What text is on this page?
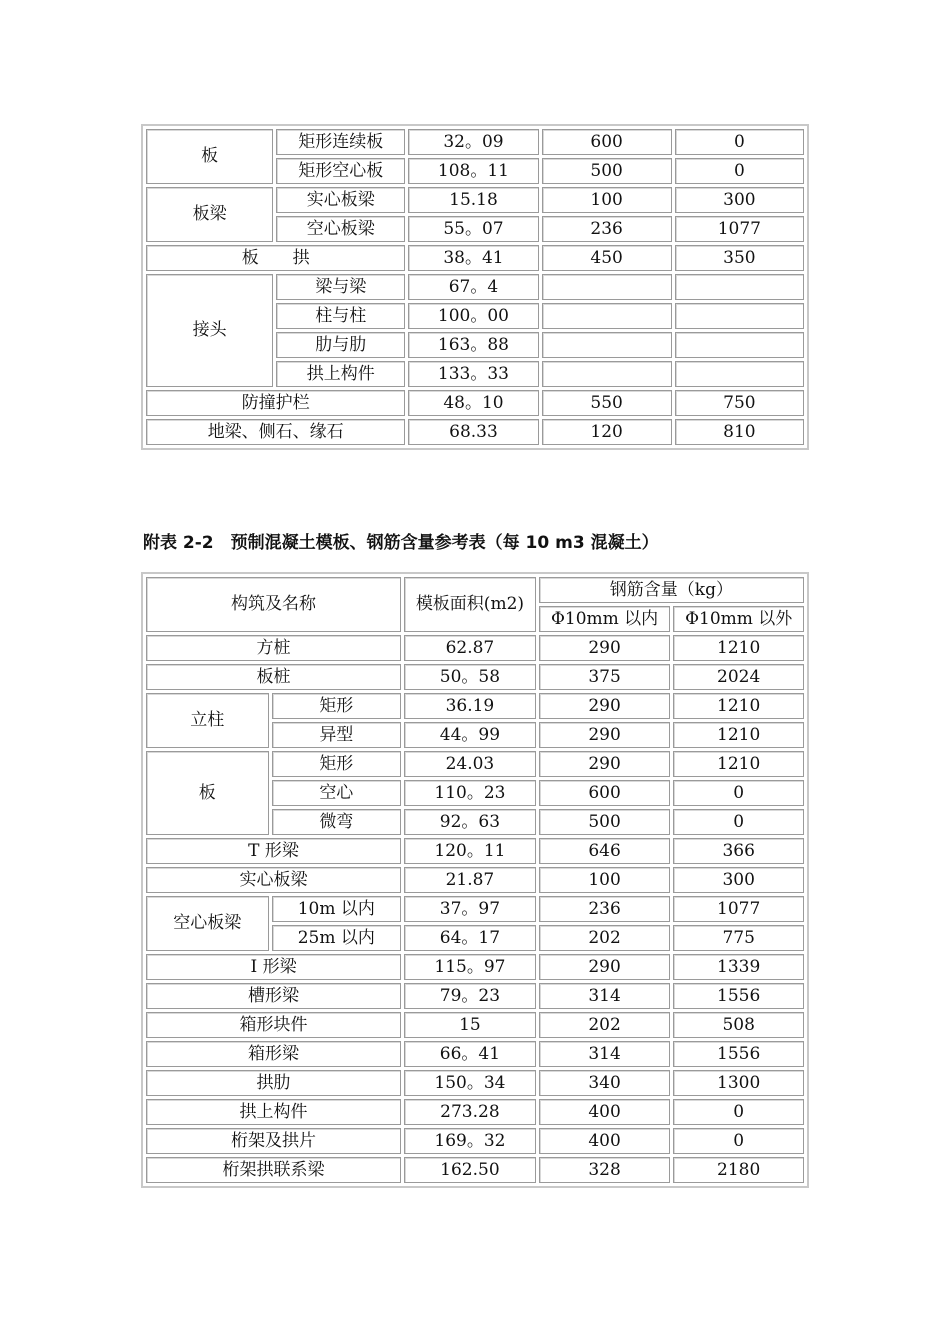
板	矩形连续板	32。09	600	0
	矩形空心板	108。11	500	0
板梁	实心板梁	15.18	100	300
	空心板梁	55。07	236	1077
板　　拱		38。41	450	350
接头	梁与梁	67。4		
	柱与柱	100。00		
	肋与肋	163。88		
	拱上构件	133。33		
防撞护栏		48。10	550	750
地梁、侧石、缘石		68.33	120	810
附表 2-2　预制混凝土模板、钢筋含量参考表（每 10 m3 混凝土）
构筑及名称		模板面积(m2)	钢筋含量（kg）	
			Φ10mm 以内	Φ10mm 以外
方桩		62.87	290	1210
板桩		50。58	375	2024
立柱	矩形	36.19	290	1210
	异型	44。99	290	1210
板	矩形	24.03	290	1210
	空心	110。23	600	0
	微弯	92。63	500	0
T 形梁		120。11	646	366
实心板梁		21.87	100	300
空心板梁	10m 以内	37。97	236	1077
	25m 以内	64。17	202	775
Ⅰ 形梁		115。97	290	1339
槽形梁		79。23	314	1556
箱形块件		15	202	508
箱形梁		66。41	314	1556
拱肋		150。34	340	1300
拱上构件		273.28	400	0
桁架及拱片		169。32	400	0
桁架拱联系梁		162.50	328	2180
